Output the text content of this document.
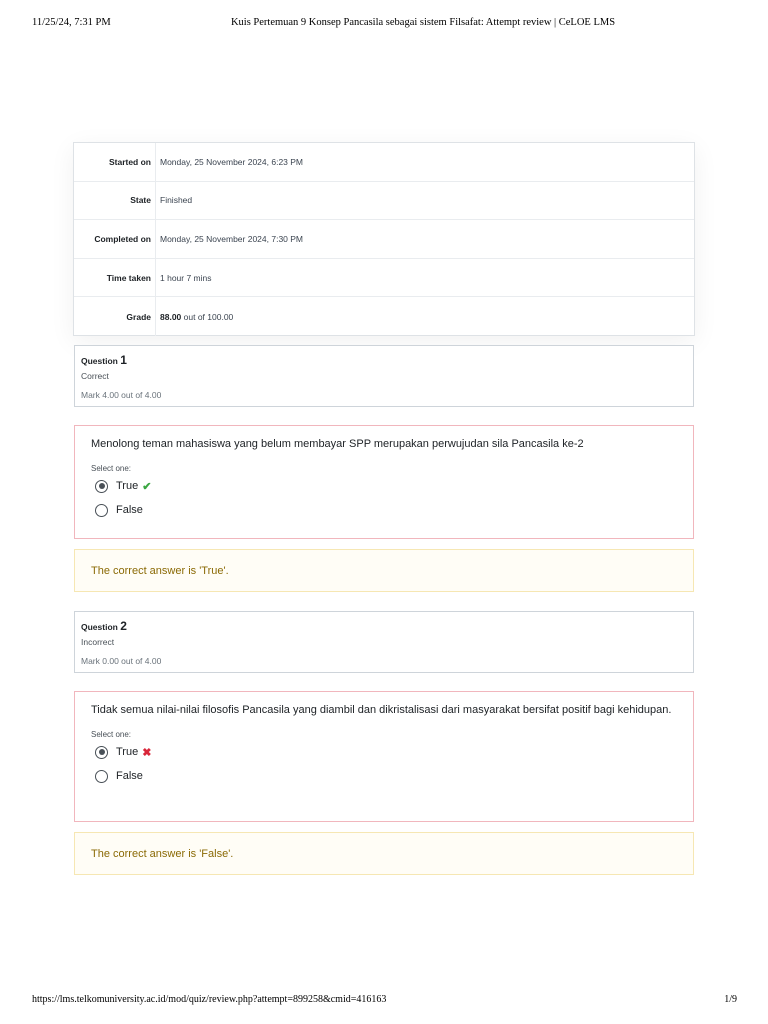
11/25/24, 7:31 PM	Kuis Pertemuan 9 Konsep Pancasila sebagai sistem Filsafat: Attempt review | CeLOE LMS
Started on	Monday, 25 November 2024, 6:23 PM
State	Finished
Completed on	Monday, 25 November 2024, 7:30 PM
Time taken	1 hour 7 mins
Grade	88.00 out of 100.00
Question 1
Correct
Mark 4.00 out of 4.00
Menolong teman mahasiswa yang belum membayar SPP merupakan perwujudan sila Pancasila ke-2
Select one:
True ✔
False
The correct answer is 'True'.
Question 2
Incorrect
Mark 0.00 out of 4.00
Tidak semua nilai-nilai filosofis Pancasila yang diambil dan dikristalisasi dari masyarakat bersifat positif bagi kehidupan.
Select one:
True ✖
False
The correct answer is 'False'.
https://lms.telkomuniversity.ac.id/mod/quiz/review.php?attempt=899258&cmid=416163	1/9
